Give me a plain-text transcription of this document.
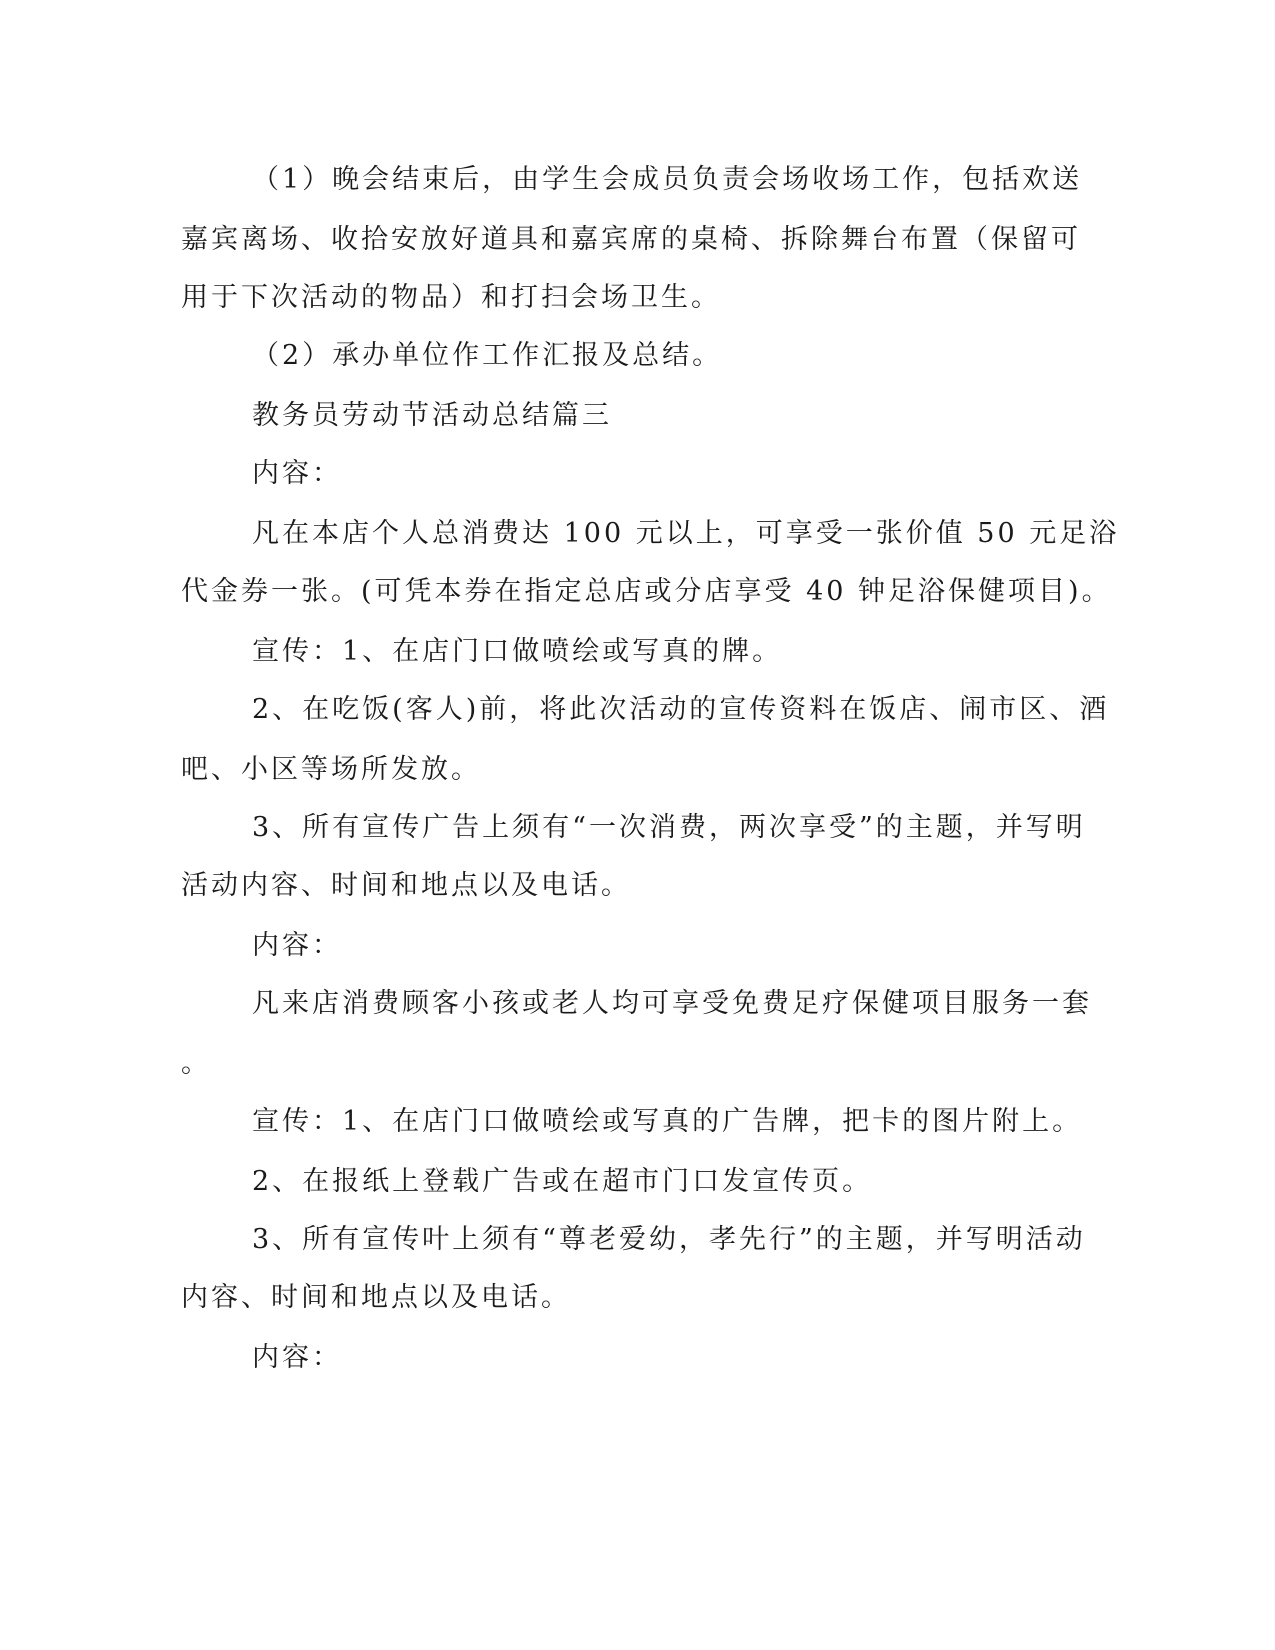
（1）晚会结束后，由学生会成员负责会场收场工作，包括欢送
嘉宾离场、收拾安放好道具和嘉宾席的桌椅、拆除舞台布置（保留可
用于下次活动的物品）和打扫会场卫生。
（2）承办单位作工作汇报及总结。
教务员劳动节活动总结篇三
内容：
凡在本店个人总消费达 100 元以上，可享受一张价值 50 元足浴
代金券一张。(可凭本券在指定总店或分店享受 40 钟足浴保健项目)。
宣传：1、在店门口做喷绘或写真的牌。
2、在吃饭(客人)前，将此次活动的宣传资料在饭店、闹市区、酒
吧、小区等场所发放。
3、所有宣传广告上须有“一次消费，两次享受”的主题，并写明
活动内容、时间和地点以及电话。
内容：
凡来店消费顾客小孩或老人均可享受免费足疗保健项目服务一套
。
宣传：1、在店门口做喷绘或写真的广告牌，把卡的图片附上。
2、在报纸上登载广告或在超市门口发宣传页。
3、所有宣传叶上须有“尊老爱幼，孝先行”的主题，并写明活动
内容、时间和地点以及电话。
内容：
